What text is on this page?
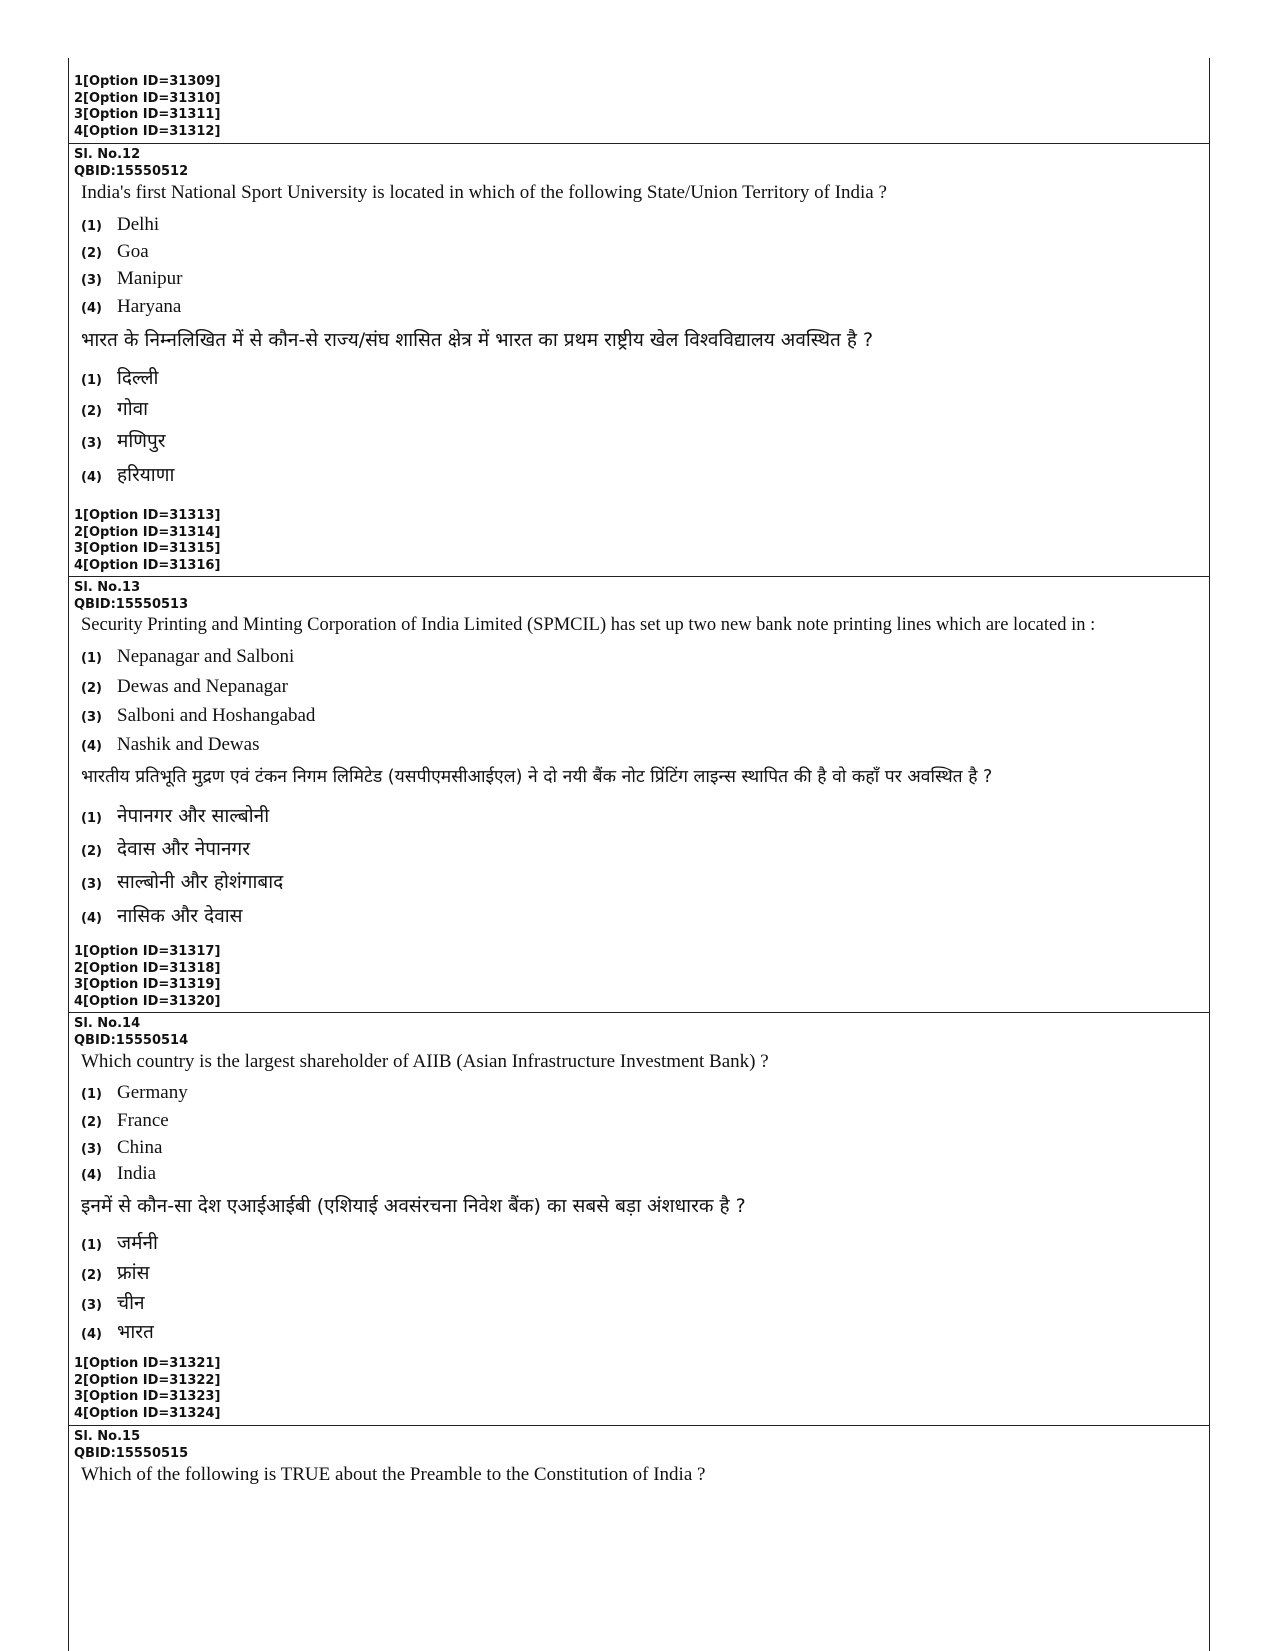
1[Option ID=31309]
2[Option ID=31310]
3[Option ID=31311]
4[Option ID=31312]
Sl. No.12
QBID:15550512
India's first National Sport University is located in which of the following State/Union Territory of India ?
(1) Delhi
(2) Goa
(3) Manipur
(4) Haryana
भारत के निम्नलिखित में से कौन-से राज्य/संघ शासित क्षेत्र में भारत का प्रथम राष्ट्रीय खेल विश्वविद्यालय अवस्थित है ?
(1) दिल्ली
(2) गोवा
(3) मणिपुर
(4) हरियाणा
1[Option ID=31313]
2[Option ID=31314]
3[Option ID=31315]
4[Option ID=31316]
Sl. No.13
QBID:15550513
Security Printing and Minting Corporation of India Limited (SPMCIL) has set up two new bank note printing lines which are located in :
(1) Nepanagar and Salboni
(2) Dewas and Nepanagar
(3) Salboni and Hoshangabad
(4) Nashik and Dewas
भारतीय प्रतिभूति मुद्रण एवं टंकन निगम लिमिटेड (यसपीएमसीआईएल) ने दो नयी बैंक नोट प्रिंटिंग लाइन्स स्थापित की है वो कहाँ पर अवस्थित है ?
(1) नेपानगर और साल्बोनी
(2) देवास और नेपानगर
(3) साल्बोनी और होशंगाबाद
(4) नासिक और देवास
1[Option ID=31317]
2[Option ID=31318]
3[Option ID=31319]
4[Option ID=31320]
Sl. No.14
QBID:15550514
Which country is the largest shareholder of AIIB (Asian Infrastructure Investment Bank) ?
(1) Germany
(2) France
(3) China
(4) India
इनमें से कौन-सा देश एआईआईबी (एशियाई अवसंरचना निवेश बैंक) का सबसे बड़ा अंशधारक है ?
(1) जर्मनी
(2) फ्रांस
(3) चीन
(4) भारत
1[Option ID=31321]
2[Option ID=31322]
3[Option ID=31323]
4[Option ID=31324]
Sl. No.15
QBID:15550515
Which of the following is TRUE about the Preamble to the Constitution of India ?
